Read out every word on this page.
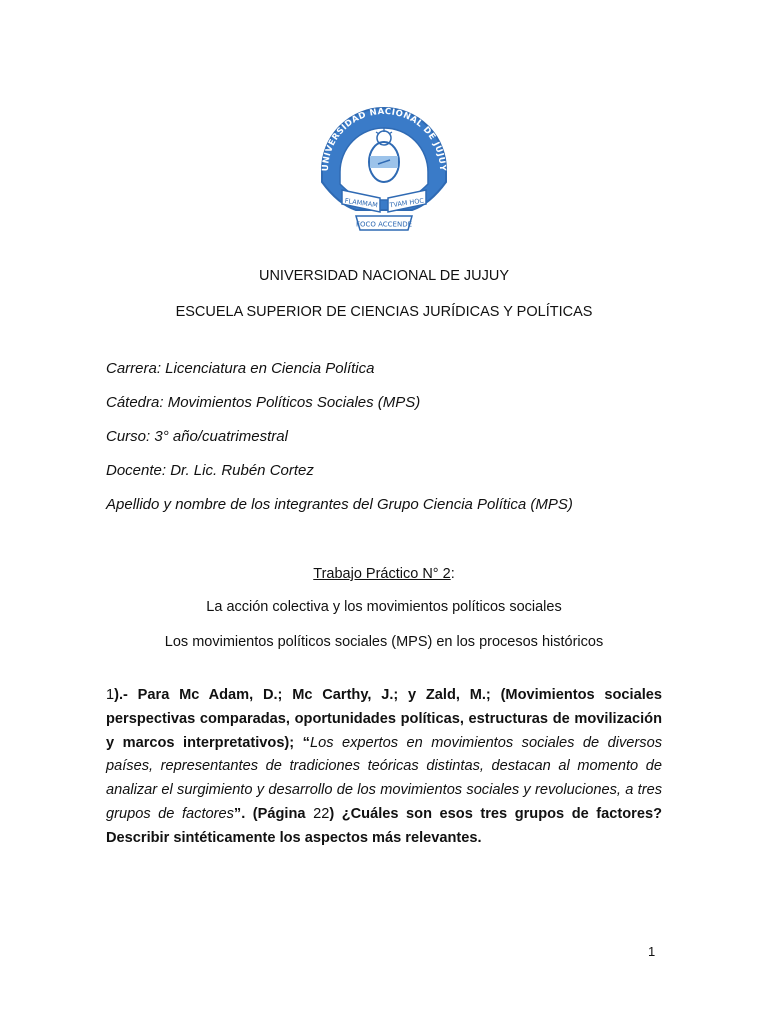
UNIVERSIDAD NACIONAL DE JUJUY
FLAMMAM TVAM HOC
FOCO ACCENDE
UNIVERSIDAD NACIONAL DE JUJUY
ESCUELA SUPERIOR DE CIENCIAS JURÍDICAS Y POLÍTICAS
Carrera: Licenciatura en Ciencia Política
Cátedra: Movimientos Políticos Sociales (MPS)
Curso: 3° año/cuatrimestral
Docente: Dr. Lic. Rubén Cortez
Apellido y nombre de los integrantes del Grupo Ciencia Política (MPS)
Trabajo Práctico N° 2:
La acción colectiva y los movimientos políticos sociales
Los movimientos políticos sociales (MPS) en los procesos históricos
1).- Para Mc Adam, D.; Mc Carthy, J.; y Zald, M.; (Movimientos sociales perspectivas comparadas, oportunidades políticas, estructuras de movilización y marcos interpretativos); “Los expertos en movimientos sociales de diversos países, representantes de tradiciones teóricas distintas, destacan al momento de analizar el surgimiento y desarrollo de los movimientos sociales y revoluciones, a tres grupos de factores”. (Página 22) ¿Cuáles son esos tres grupos de factores? Describir sintéticamente los aspectos más relevantes.
1
